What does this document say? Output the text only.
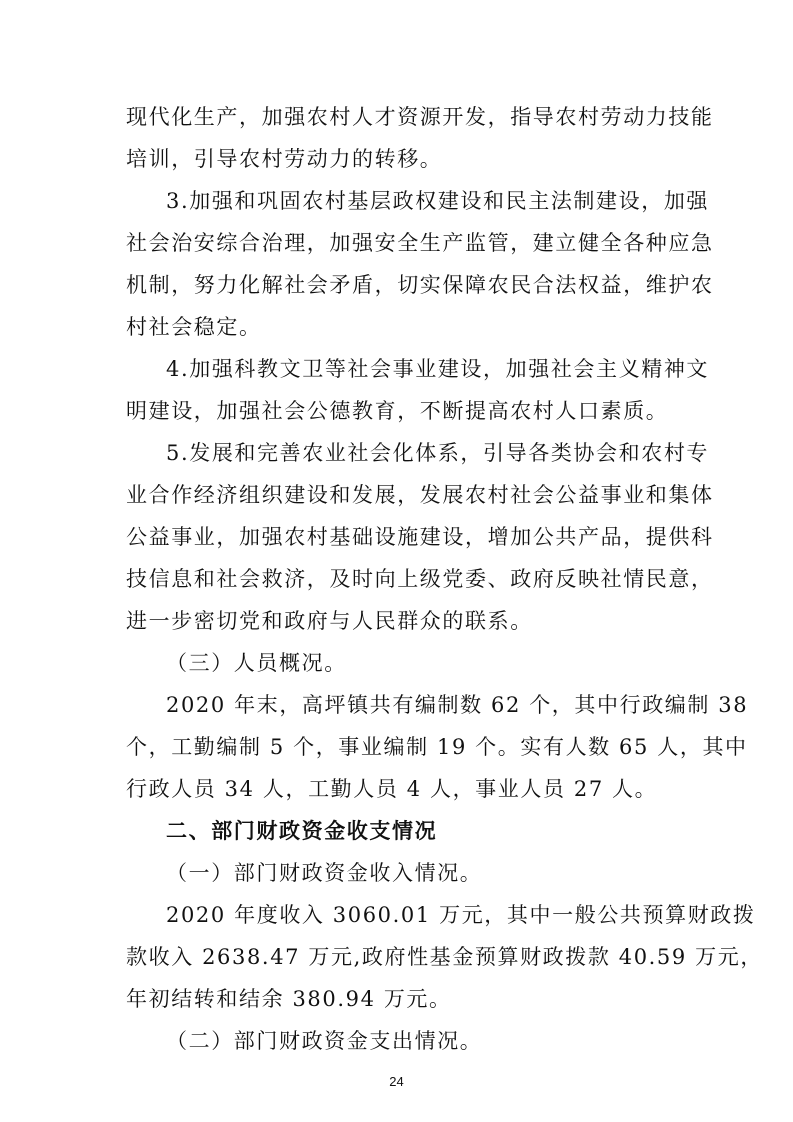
现代化生产，加强农村人才资源开发，指导农村劳动力技能
培训，引导农村劳动力的转移。
3.加强和巩固农村基层政权建设和民主法制建设，加强
社会治安综合治理，加强安全生产监管，建立健全各种应急
机制，努力化解社会矛盾，切实保障农民合法权益，维护农
村社会稳定。
4.加强科教文卫等社会事业建设，加强社会主义精神文
明建设，加强社会公德教育，不断提高农村人口素质。
5.发展和完善农业社会化体系，引导各类协会和农村专
业合作经济组织建设和发展，发展农村社会公益事业和集体
公益事业，加强农村基础设施建设，增加公共产品，提供科
技信息和社会救济，及时向上级党委、政府反映社情民意，
进一步密切党和政府与人民群众的联系。
（三）人员概况。
2020 年末，高坪镇共有编制数 62 个，其中行政编制 38
个，工勤编制 5 个，事业编制 19 个。实有人数 65 人，其中
行政人员 34 人，工勤人员 4 人，事业人员 27 人。
二、部门财政资金收支情况
（一）部门财政资金收入情况。
2020 年度收入 3060.01 万元，其中一般公共预算财政拨
款收入 2638.47 万元,政府性基金预算财政拨款 40.59 万元，
年初结转和结余 380.94 万元。
（二）部门财政资金支出情况。
24
